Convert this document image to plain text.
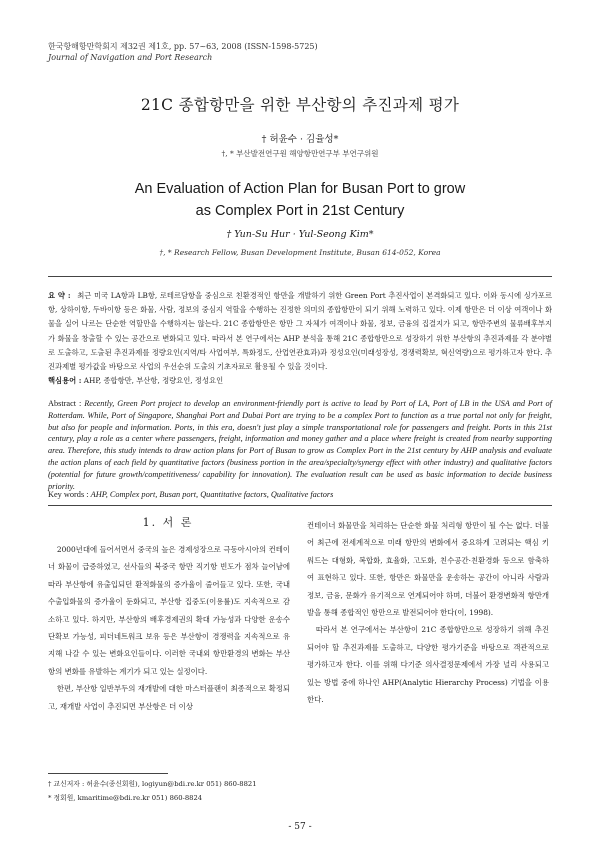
한국항해항만학회지 제32권 제1호, pp. 57~63, 2008 (ISSN-1598-5725)
Journal of Navigation and Port Research
21C 종합항만을 위한 부산항의 추진과제 평가
† 허윤수 · 김율성*
†, * 부산발전연구원 해양항만연구부 부연구위원
An Evaluation of Action Plan for Busan Port to grow
as Complex Port in 21st Century
† Yun-Su Hur · Yul-Seong Kim*
†, * Research Fellow, Busan Development Institute, Busan 614-052, Korea
요 약 : 최근 미국 LA항과 LB항, 로테르담항을 중심으로 친환경적인 항만을 개발하기 위한 Green Port 추진사업이 본격화되고 있다. 이와 동시에 싱가포르항, 상하이항, 두바이항 등은 화물, 사람, 정보의 중심지 역할을 수행하는 진정한 의미의 종합항만이 되기 위해 노력하고 있다. 이제 항만은 더 이상 여객이나 화물을 실어 나르는 단순한 역할만을 수행하지는 않는다. 21C 종합항만은 항만 그 자체가 여객이나 화물, 정보, 금융의 집결지가 되고, 항만주변의 물류배후부지가 화물을 창출할 수 있는 공간으로 변화되고 있다. 따라서 본 연구에서는 AHP 분석을 통해 21C 종합항만으로 성장하기 위한 부산항의 추진과제를 각 분야별로 도출하고, 도출된 추진과제를 정량요인(지역/타 사업여부, 특화정도, 산업연관효과)과 정성요인(미래성장성, 경쟁력확보, 혁신역량)으로 평가하고자 한다. 추진과제별 평가값을 바탕으로 사업의 우선순위 도출의 기초자료로 활용될 수 있을 것이다.
핵심용어 : AHP, 종합항만, 부산항, 정량요인, 정성요인
Abstract : Recently, Green Port project to develop an environment-friendly port is active to lead by Port of LA, Port of LB in the USA and Port of Rotterdam. While, Port of Singapore, Shanghai Port and Dubai Port are trying to be a complex Port to function as a true portal not only for freight, but also for people and information. Ports, in this era, doesn't just play a simple transportational role for passengers and freight. Ports in this 21st century, play a role as a center where passengers, freight, information and money gather and a place where freight is created from nearby supporting area. Therefore, this study intends to draw action plans for Port of Busan to grow as Complex Port in the 21st century by AHP analysis and evaluate the action plans of each field by quantitative factors (business portion in the area/specialty/synergy effect with other industry) and qualitative factors (potential for future growth/competitiveness/ capability for innovation). The evaluation result can be used as basic information to decide business priority.
Key words : AHP, Complex port, Busan port, Quantitative factors, Qualitative factors
1. 서 론

2000년대에 들어서면서 중국의 높은 경제성장으로 극동아시아의 컨테이너 화물이 급증하였고, 선사들의 북중국 항만 직기항 빈도가 점차 늘어남에 따라 부산항에 유출입되던 환적화물의 증가율이 줄어들고 있다. 또한, 국내 수출입화물의 증가율이 둔화되고, 부산항 집중도(이용률)도 지속적으로 감소하고 있다. 하지만, 부산항의 배후경제권의 확대 가능성과 다양한 운송수단확보 가능성, 피더네트워크 보유 등은 부산항이 경쟁력을 지속적으로 유지해 나갈 수 있는 변화요인들이다. 이러한 국내외 항만환경의 변화는 부산항의 변화를 유발하는 계기가 되고 있는 실정이다.

한편, 부산항 일반부두의 재개발에 대한 마스터플랜이 최종적으로 확정되고, 재개발 사업이 추진되면 부산항은 더 이상

컨테이너 화물만을 처리하는 단순한 화물 처리형 항만이 될 수는 없다. 더불어 최근에 전세계적으로 미래 항만의 변화에서 중요하게 고려되는 핵심 키워드는 대형화, 복합화, 효율화, 고도화, 친수공간·친환경화 등으로 함축하여 표현하고 있다. 또한, 항만은 화물만을 운송하는 공간이 아니라 사람과 정보, 금융, 문화가 유기적으로 연계되어야 하며, 더불어 환경변화적 항만개발을 통해 종합적인 항만으로 발전되어야 한다(이, 1998).

따라서 본 연구에서는 부산항이 21C 종합항만으로 성장하기 위해 추진되어야 할 추진과제를 도출하고, 다양한 평가기준을 바탕으로 객관적으로 평가하고자 한다. 이를 위해 다기준 의사결정문제에서 가장 널리 사용되고 있는 방법 중에 하나인 AHP(Analytic Hierarchy Process) 기법을 이용한다.

† 교신저자 : 허윤수(종신회원), logiyun@bdi.re.kr 051) 860-8821
* 정회원, kmaritime@bdi.re.kr 051) 860-8824
- 57 -
